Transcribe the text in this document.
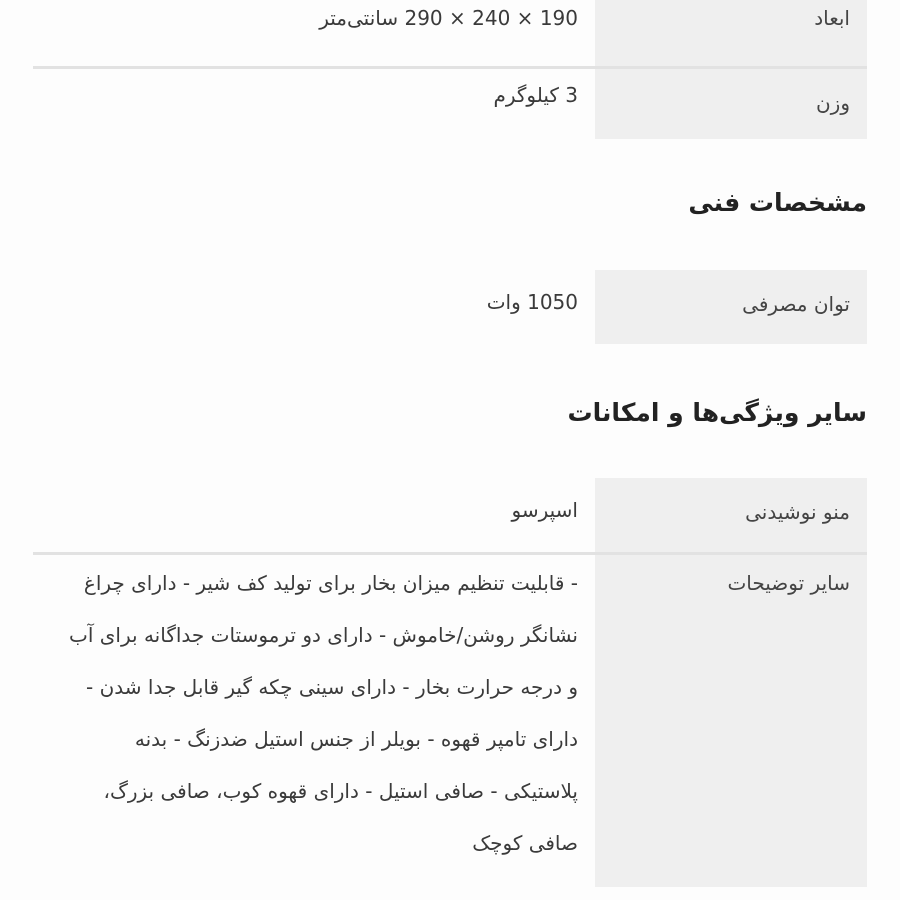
ابعاد	190 × 240 × 290 سانتی‌متر
وزن	3 کیلوگرم
مشخصات فنی
توان مصرفی	1050 وات
سایر ویژگی‌ها و امکانات
منو نوشیدنی	اسپرسو
سایر توضیحات	- قابلیت تنظیم میزان بخار برای تولید کف شیر - دارای چراغ نشانگر روشن/خاموش - دارای دو ترموستات جداگانه برای آب و درجه حرارت بخار - دارای سینی چکه گیر قابل جدا شدن - دارای تامپر قهوه - بویلر از جنس استیل ضدزنگ - بدنه پلاستیکی - صافی استیل - دارای قهوه کوب، صافی بزرگ، صافی کوچک
